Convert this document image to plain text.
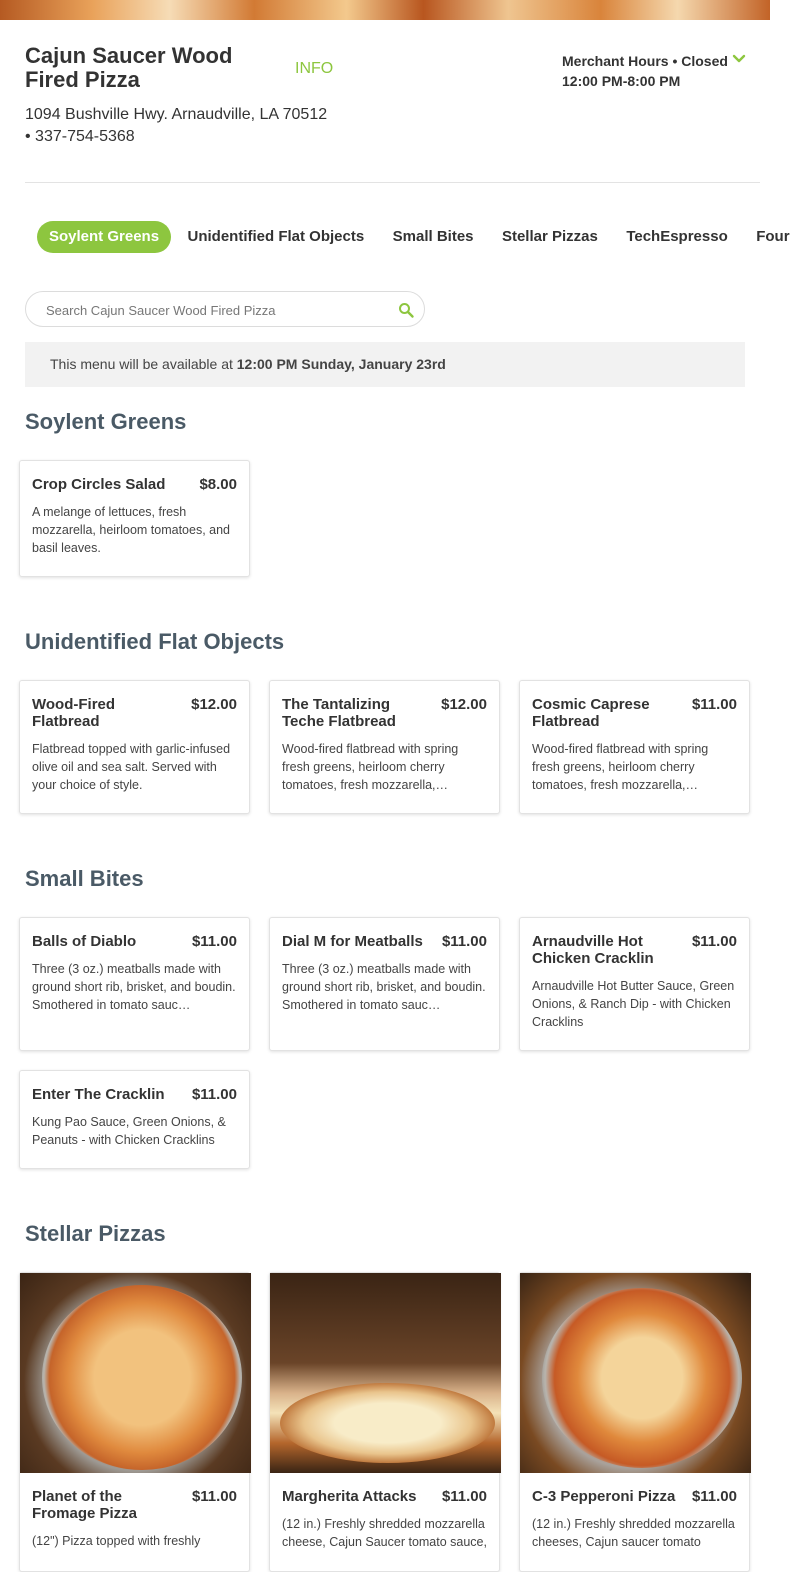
Cajun Saucer Wood Fired Pizza	INFO
1094 Bushville Hwy. Arnaudville, LA 70512
• 337-754-5368
Merchant Hours • Closed
12:00 PM-8:00 PM
Soylent Greens Unidentified Flat Objects Small Bites Stellar Pizzas TechEspresso Four
Search Cajun Saucer Wood Fired Pizza
This menu will be available at 12:00 PM Sunday, January 23rd
Soylent Greens
Crop Circles Salad	$8.00
A melange of lettuces, fresh mozzarella, heirloom tomatoes, and basil leaves.
Unidentified Flat Objects
Wood-Fired Flatbread
$12.00
Flatbread topped with garlic-infused olive oil and sea salt. Served with your choice of style.
The Tantalizing Teche Flatbread
$12.00
Wood-fired flatbread with spring fresh greens, heirloom cherry tomatoes, fresh mozzarella,…
Cosmic Caprese Flatbread
$11.00
Wood-fired flatbread with spring fresh greens, heirloom cherry tomatoes, fresh mozzarella,…
Small Bites
Balls of Diablo	$11.00
Three (3 oz.) meatballs made with ground short rib, brisket, and boudin. Smothered in tomato sauc…
Dial M for Meatballs	$11.00
Three (3 oz.) meatballs made with ground short rib, brisket, and boudin. Smothered in tomato sauc…
Arnaudville Hot Chicken Cracklin
$11.00
Arnaudville Hot Butter Sauce, Green Onions, & Ranch Dip - with Chicken Cracklins
Enter The Cracklin	$11.00
Kung Pao Sauce, Green Onions, & Peanuts - with Chicken Cracklins
Stellar Pizzas
Planet of the Fromage Pizza
$11.00
(12") Pizza topped with freshly
Margherita Attacks	$11.00
(12 in.) Freshly shredded mozzarella cheese, Cajun Saucer tomato sauce,
C-3 Pepperoni Pizza	$11.00
(12 in.) Freshly shredded mozzarella cheeses, Cajun saucer tomato
